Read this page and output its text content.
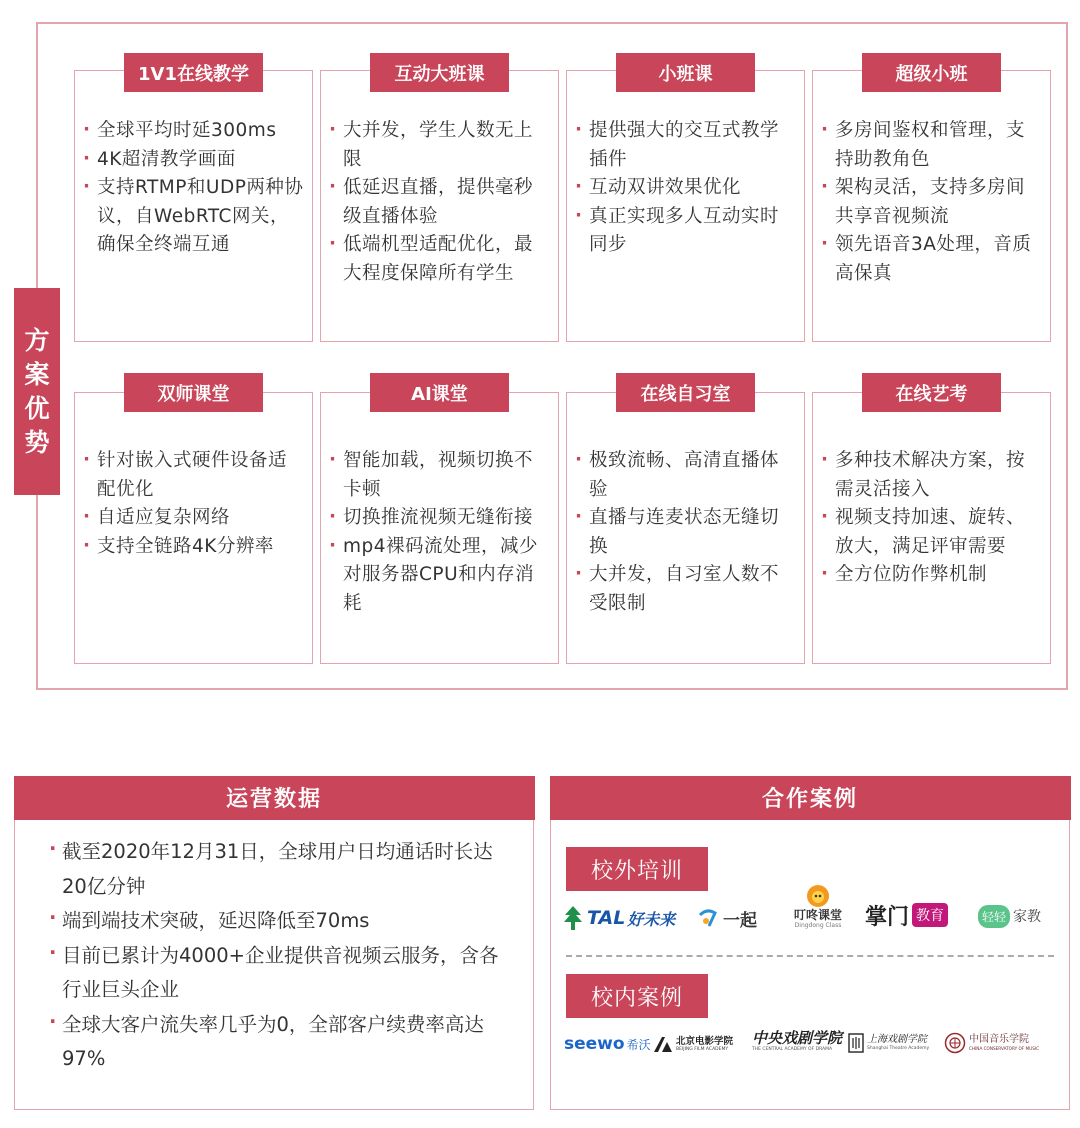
方
案
优
势
· 全球平均时延300ms
· 4K超清教学画面
· 支持RTMP和UDP两种协议，自WebRTC网关，确保全终端互通
1V1在线教学
· 大并发，学生人数无上限
· 低延迟直播，提供毫秒级直播体验
· 低端机型适配优化，最大程度保障所有学生
互动大班课
· 提供强大的交互式教学插件
· 互动双讲效果优化
· 真正实现多人互动实时同步
小班课
· 多房间鉴权和管理，支持助教角色
· 架构灵活，支持多房间共享音视频流
· 领先语音3A处理，音质高保真
超级小班
· 针对嵌入式硬件设备适配优化
· 自适应复杂网络
· 支持全链路4K分辨率
双师课堂
· 智能加载，视频切换不卡顿
· 切换推流视频无缝衔接
· mp4裸码流处理，减少对服务器CPU和内存消耗
AI课堂
· 极致流畅、高清直播体验
· 直播与连麦状态无缝切换
· 大并发，自习室人数不受限制
在线自习室
· 多种技术解决方案，按需灵活接入
· 视频支持加速、旋转、放大，满足评审需要
· 全方位防作弊机制
在线艺考
运营数据
· 截至2020年12月31日，全球用户日均通话时长达20亿分钟
· 端到端技术突破，延迟降低至70ms
· 目前已累计为4000+企业提供音视频云服务，含各行业巨头企业
· 全球大客户流失率几乎为0，全部客户续费率高达97%
合作案例
校外培训
TAL 好未来	一起	叮咚课堂
Dingdong Class 掌门 教育	轻轻 家教
校内案例
seewo 希沃	北京电影学院
BEIJING FILM ACADEMY
中央戏剧学院
THE CENTRAL ACADEMY OF DRAMA
上海戏剧学院
Shanghai Theatre Academy
中国音乐学院
CHINA CONSERVATORY OF MUSIC
